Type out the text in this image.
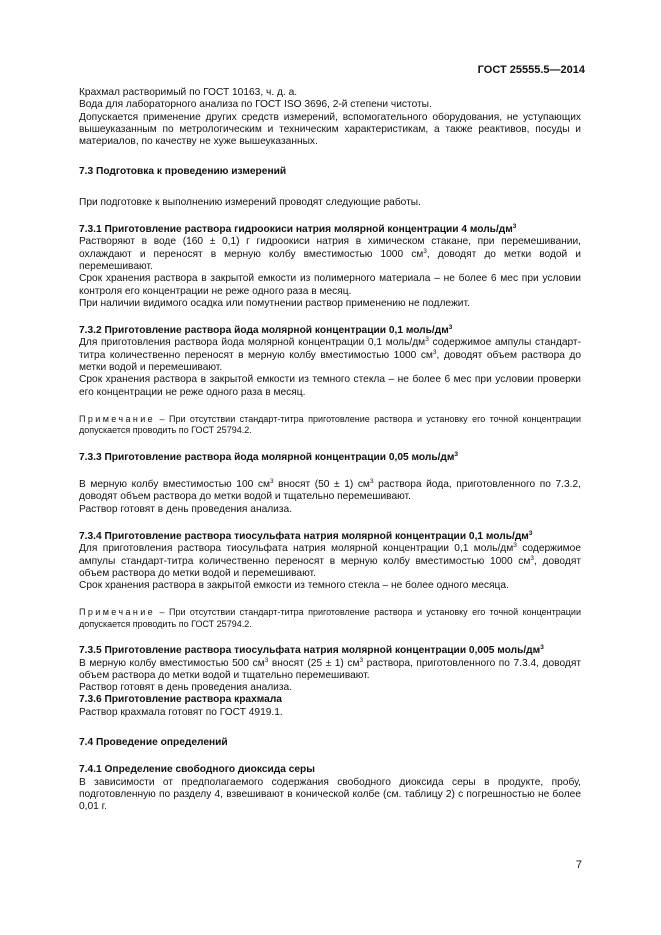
ГОСТ 25555.5—2014

Крахмал растворимый по ГОСТ 10163, ч. д. а.

Вода для лабораторного анализа по ГОСТ ISO 3696, 2-й степени чистоты.

Допускается применение других средств измерений, вспомогательного оборудования, не уступающих вышеуказанным по метрологическим и техническим характеристикам, а также реактивов, посуды и материалов, по качеству не хуже вышеуказанных.

7.3 Подготовка к проведению измерений

При подготовке к выполнению измерений проводят следующие работы.

7.3.1 Приготовление раствора гидроокиси натрия молярной концентрации 4 моль/$дм^3$

Растворяют в воде (160 ± 0,1) г гидроокиси натрия в химическом стакане, при перемешивании, охлаждают и переносят в мерную колбу вместимостью 1000 $см^3$, доводят до метки водой и перемешивают.

Срок хранения раствора в закрытой емкости из полимерного материала – не более 6 мес при условии контроля его концентрации не реже одного раза в месяц.

При наличии видимого осадка или помутнении раствор применению не подлежит.

7.3.2 Приготовление раствора йода молярной концентрации 0,1 моль/$дм^3$

Для приготовления раствора йода молярной концентрации 0,1 моль/$дм^3$ содержимое ампулы стандарт-титра количественно переносят в мерную колбу вместимостью 1000 $см^3$, доводят объем раствора до метки водой и перемешивают.

Срок хранения раствора в закрытой емкости из темного стекла – не более 6 мес при условии проверки его концентрации не реже одного раза в месяц.

Примечание – При отсутствии стандарт-титра приготовление раствора и установку его точной концентрации допускается проводить по ГОСТ 25794.2.

7.3.3 Приготовление раствора йода молярной концентрации 0,05 моль/$дм^3$

В мерную колбу вместимостью 100 $см^3$ вносят (50 ± 1) $см^3$ раствора йода, приготовленного по 7.3.2, доводят объем раствора до метки водой и тщательно перемешивают.

Раствор готовят в день проведения анализа.

7.3.4 Приготовление раствора тиосульфата натрия молярной концентрации 0,1 моль/$дм^3$

Для приготовления раствора тиосульфата натрия молярной концентрации 0,1 моль/$дм^3$ содержимое ампулы стандарт-титра количественно переносят в мерную колбу вместимостью 1000 $см^3$, доводят объем раствора до метки водой и перемешивают.

Срок хранения раствора в закрытой емкости из темного стекла – не более одного месяца.

Примечание – При отсутствии стандарт-титра приготовление раствора и установку его точной концентрации допускается проводить по ГОСТ 25794.2.

7.3.5 Приготовление раствора тиосульфата натрия молярной концентрации 0,005 моль/$дм^3$

В мерную колбу вместимостью 500 $см^3$ вносят (25 ± 1) $см^3$ раствора, приготовленного по 7.3.4, доводят объем раствора до метки водой и тщательно перемешивают.

Раствор готовят в день проведения анализа.

7.3.6 Приготовление раствора крахмала

Раствор крахмала готовят по ГОСТ 4919.1.

7.4 Проведение определений

7.4.1 Определение свободного диоксида серы

В зависимости от предполагаемого содержания свободного диоксида серы в продукте, пробу, подготовленную по разделу 4, взвешивают в конической колбе (см. таблицу 2) с погрешностью не более 0,01 г.

7
